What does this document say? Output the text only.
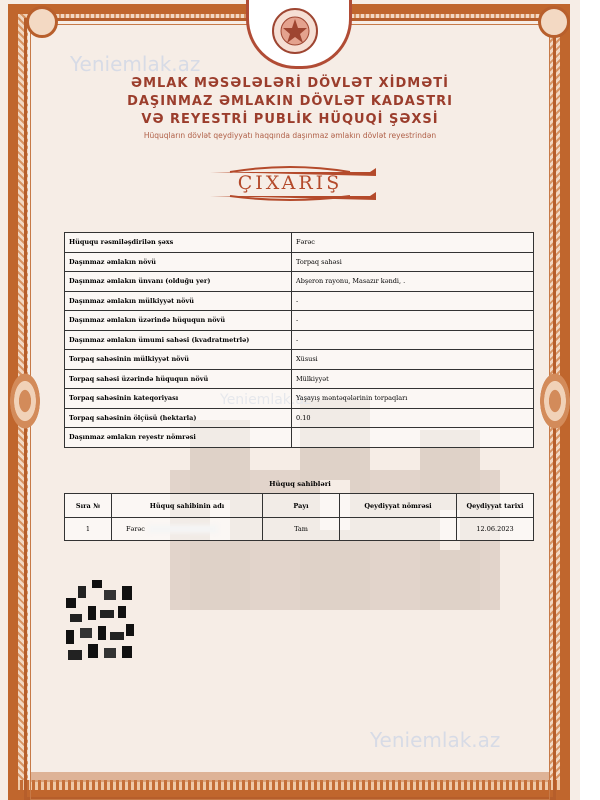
Yeniemlak.az
Yeniemlak.az
ƏMLAK MƏSƏLƏLƏRİ DÖVLƏT XİDMƏTİ
DAŞINMAZ ƏMLAKIN DÖVLƏT KADASTRI
VƏ REYESTRİ PUBLİK HÜQUQİ ŞƏXSİ
Hüquqların dövlət qeydiyyatı haqqında daşınmaz əmlakın dövlət reyestrindən
ÇIXARIŞ
Hüququ rəsmiləşdirilən şəxs	Fərəc
Daşınmaz əmlakın növü	Torpaq sahəsi
Daşınmaz əmlakın ünvanı (olduğu yer)	Abşeron rayonu, Masazır kəndi, .
Daşınmaz əmlakın mülkiyyət növü	-
Daşınmaz əmlakın üzərində hüququn növü	-
Daşınmaz əmlakın ümumi sahəsi (kvadratmetrlə)	-
Torpaq sahəsinin mülkiyyət növü	Xüsusi
Torpaq sahəsi üzərində hüququn növü	Mülkiyyət
Torpaq sahəsinin kateqoriyası	Yaşayış məntəqələrinin torpaqları
Torpaq sahəsinin ölçüsü (hektarla)	0.10
Daşınmaz əmlakın reyestr nömrəsi	
Hüquq sahibləri
Sıra №	Hüquq sahibinin adı	Payı	Qeydiyyat nömrəsi	Qeydiyyat tarixi
1	Fərəc	Tam		12.06.2023
